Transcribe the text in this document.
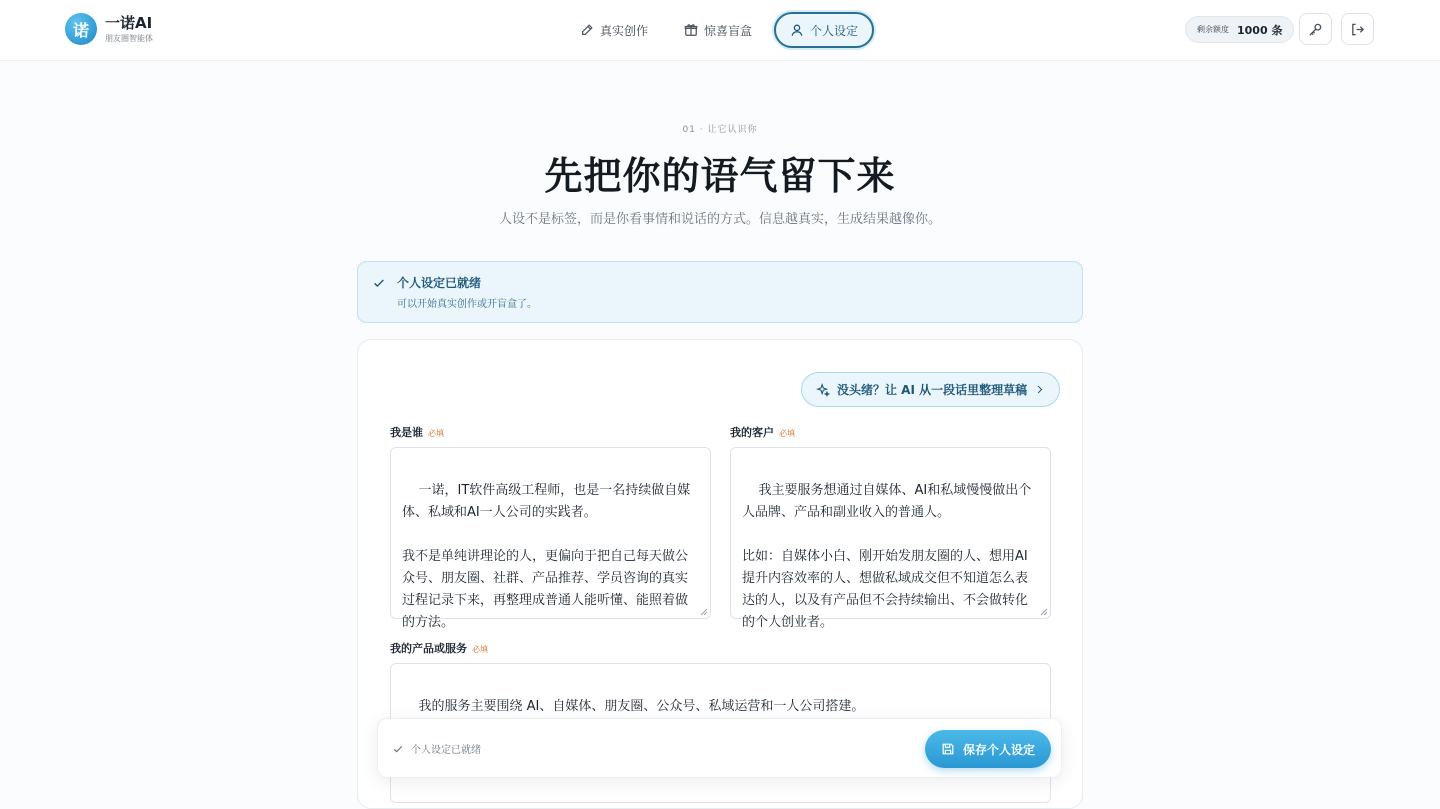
诺	一诺AI
朋友圈智能体
真实创作	惊喜盲盒	个人设定	剩余额度 1000 条
01 · 让它认识你
先把你的语气留下来
人设不是标签，而是你看事情和说话的方式。信息越真实，生成结果越像你。
个人设定已就绪
可以开始真实创作或开盲盒了。
没头绪？让 AI 从一段话里整理草稿
我是谁 必填

一诺，IT软件高级工程师，也是一名持续做自媒体、私域和AI一人公司的实践者。

我不是单纯讲理论的人，更偏向于把自己每天做公众号、朋友圈、社群、产品推荐、学员咨询的真实过程记录下来，再整理成普通人能听懂、能照着做的方法。

我的客户 必填

我主要服务想通过自媒体、AI和私域慢慢做出个人品牌、产品和副业收入的普通人。

比如：自媒体小白、刚开始发朋友圈的人、想用AI提升内容效率的人、想做私域成交但不知道怎么表达的人，以及有产品但不会持续输出、不会做转化的个人创业者。

我的产品或服务 必填

我的服务主要围绕 AI、自媒体、朋友圈、公众号、私域运营和一人公司搭建。

个人设定已就绪	保存个人设定
